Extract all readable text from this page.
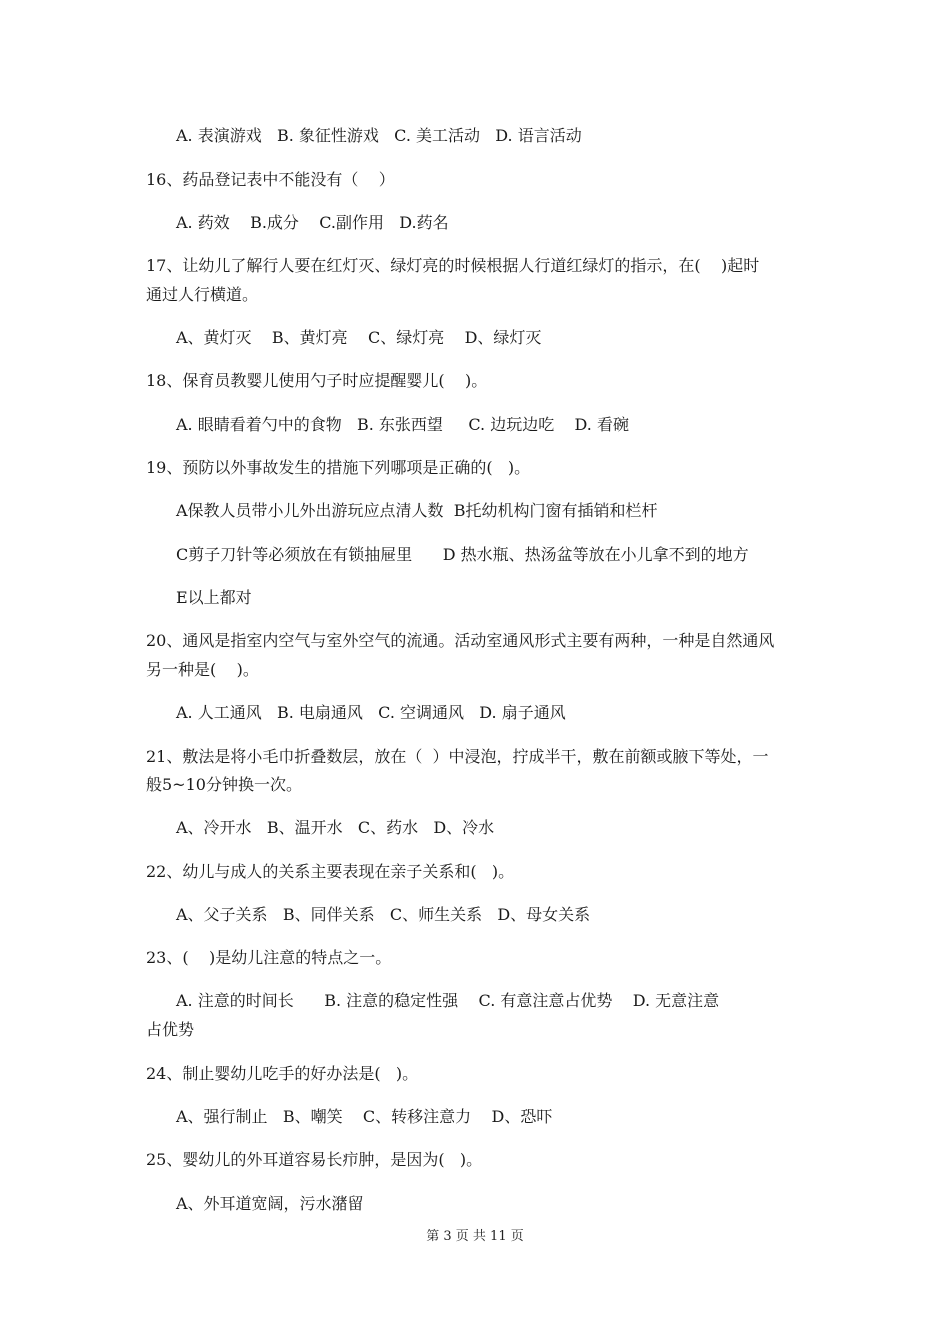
A. 表演游戏   B. 象征性游戏   C. 美工活动   D. 语言活动
16、药品登记表中不能没有（    ）
A. 药效    B.成分    C.副作用   D.药名
17、让幼儿了解行人要在红灯灭、绿灯亮的时候根据人行道红绿灯的指示，在(    )起时
通过人行横道。
A、黄灯灭    B、黄灯亮    C、绿灯亮    D、绿灯灭
18、保育员教婴儿使用勺子时应提醒婴儿(    )。
A. 眼睛看着勺中的食物   B. 东张西望     C. 边玩边吃    D. 看碗
19、预防以外事故发生的措施下列哪项是正确的(   )。
A保教人员带小儿外出游玩应点清人数  B托幼机构门窗有插销和栏杆
C剪子刀针等必须放在有锁抽屉里      D 热水瓶、热汤盆等放在小儿拿不到的地方
E以上都对
20、通风是指室内空气与室外空气的流通。活动室通风形式主要有两种，一种是自然通风
另一种是(    )。
A. 人工通风   B. 电扇通风   C. 空调通风   D. 扇子通风
21、敷法是将小毛巾折叠数层，放在（  ）中浸泡，拧成半干，敷在前额或腋下等处，一
般5~10分钟换一次。
A、冷开水   B、温开水   C、药水   D、冷水
22、幼儿与成人的关系主要表现在亲子关系和(   )。
A、父子关系   B、同伴关系   C、师生关系   D、母女关系
23、(    )是幼儿注意的特点之一。
A. 注意的时间长      B. 注意的稳定性强    C. 有意注意占优势    D. 无意注意
占优势
24、制止婴幼儿吃手的好办法是(   )。
A、强行制止   B、嘲笑    C、转移注意力    D、恐吓
25、婴幼儿的外耳道容易长疖肿，是因为(   )。
A、外耳道宽阔，污水潴留
第 3 页 共 11 页
